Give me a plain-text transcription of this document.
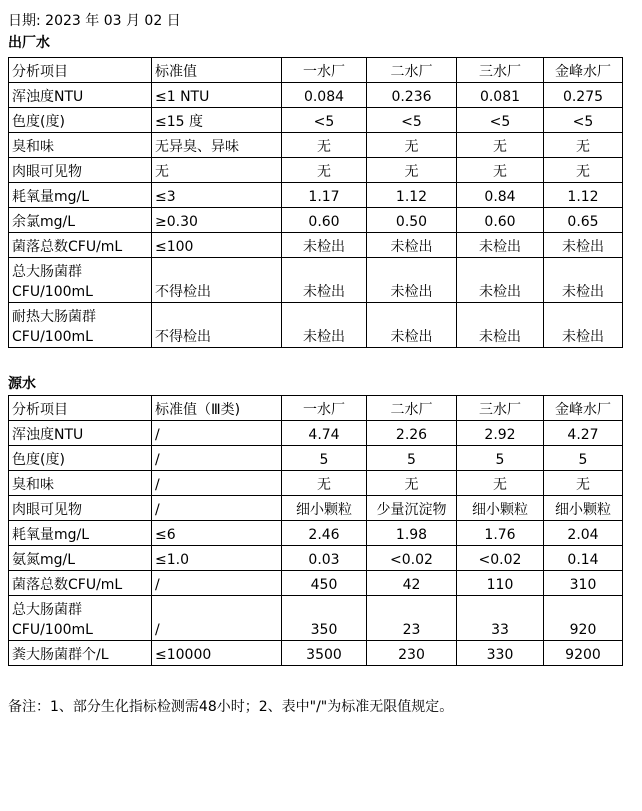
日期: 2023 年 03 月 02 日
出厂水
分析项目	标准值	一水厂	二水厂	三水厂	金峰水厂
浑浊度NTU	≤1 NTU	0.084	0.236	0.081	0.275
色度(度)	≤15 度	<5	<5	<5	<5
臭和味	无异臭、异味	无	无	无	无
肉眼可见物	无	无	无	无	无
耗氧量mg/L	≤3	1.17	1.12	0.84	1.12
余氯mg/L	≥0.30	0.60	0.50	0.60	0.65
菌落总数CFU/mL	≤100	未检出	未检出	未检出	未检出
总大肠菌群
CFU/100mL	不得检出	未检出	未检出	未检出	未检出
耐热大肠菌群
CFU/100mL	不得检出	未检出	未检出	未检出	未检出
源水
分析项目	标准值（Ⅲ类)	一水厂	二水厂	三水厂	金峰水厂
浑浊度NTU	/	4.74	2.26	2.92	4.27
色度(度)	/	5	5	5	5
臭和味	/	无	无	无	无
肉眼可见物	/	细小颗粒	少量沉淀物	细小颗粒	细小颗粒
耗氧量mg/L	≤6	2.46	1.98	1.76	2.04
氨氮mg/L	≤1.0	0.03	<0.02	<0.02	0.14
菌落总数CFU/mL	/	450	42	110	310
总大肠菌群
CFU/100mL	/	350	23	33	920
粪大肠菌群个/L	≤10000	3500	230	330	9200
备注：1、部分生化指标检测需48小时；2、表中"/"为标准无限值规定。
